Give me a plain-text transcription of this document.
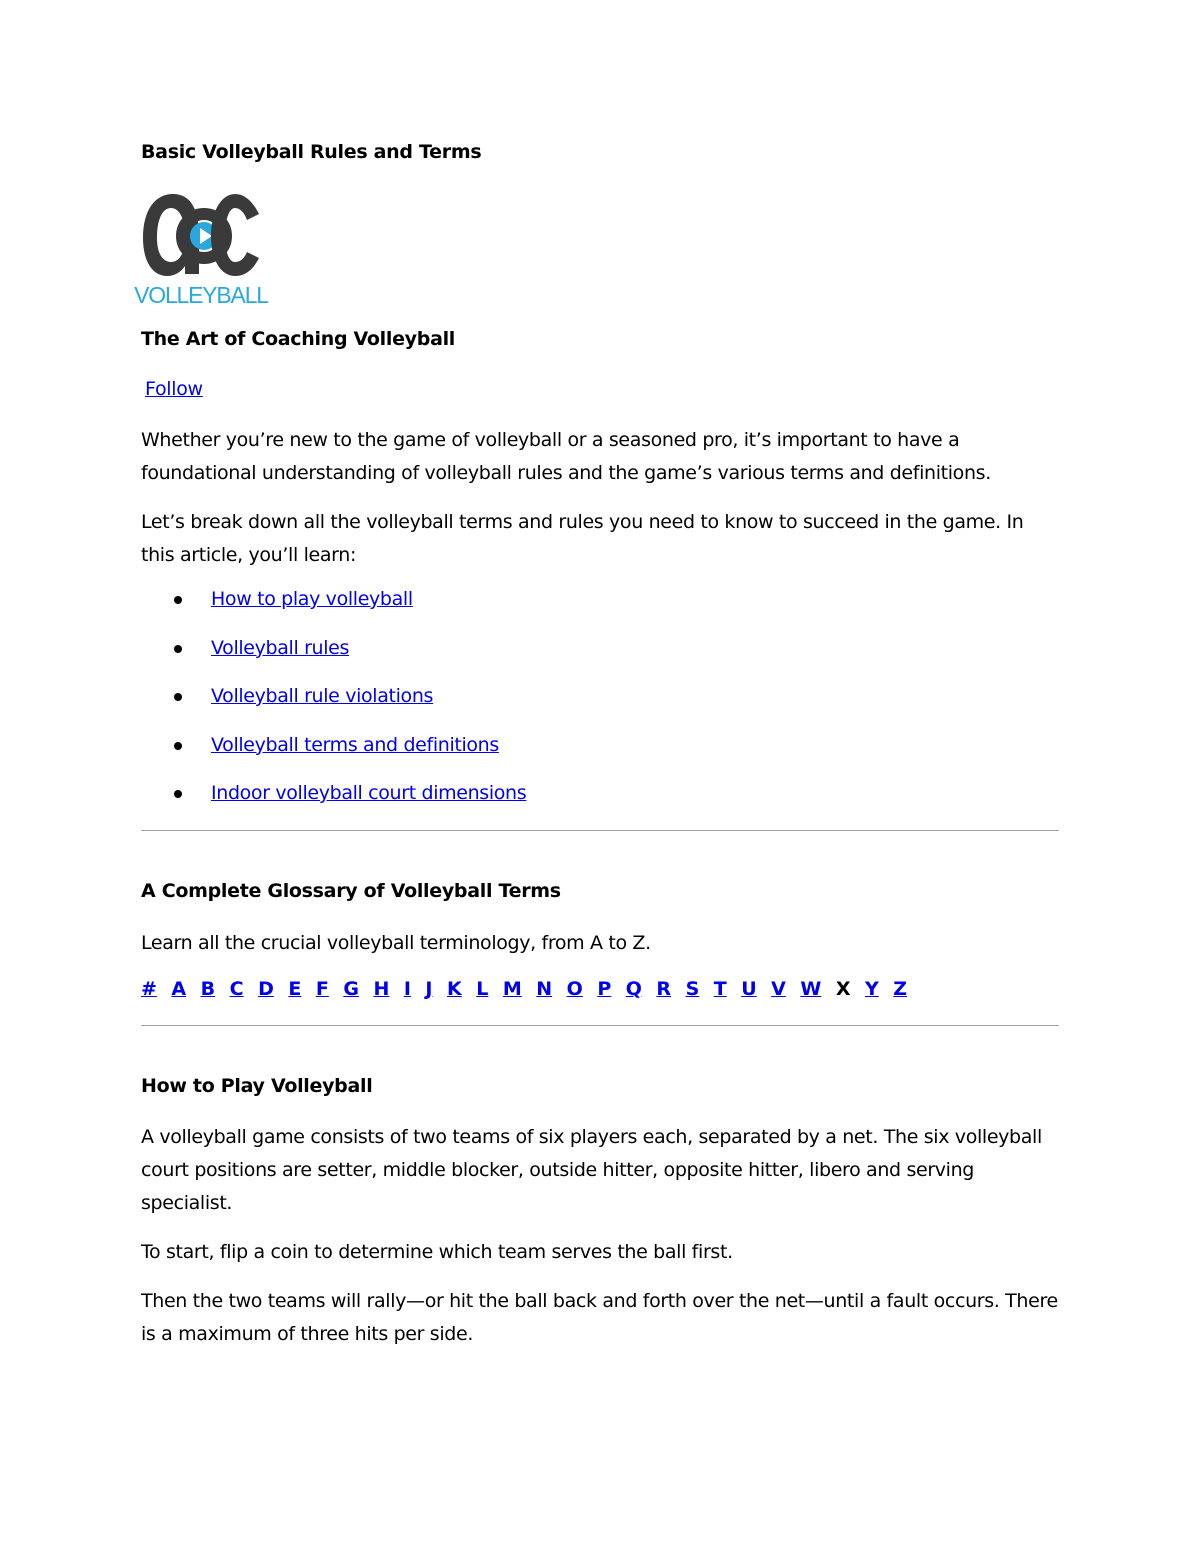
Basic Volleyball Rules and Terms
VOLLEYBALL
The Art of Coaching Volleyball
Follow

Whether you’re new to the game of volleyball or a seasoned pro, it’s important to have a foundational understanding of volleyball rules and the game’s various terms and definitions.

Let’s break down all the volleyball terms and rules you need to know to succeed in the game. In this article, you’ll learn:

How to play volleyball
Volleyball rules
Volleyball rule violations
Volleyball terms and definitions
Indoor volleyball court dimensions
A Complete Glossary of Volleyball Terms

Learn all the crucial volleyball terminology, from A to Z.

# A B C D E F G H I J K L M N O P Q R S T U V W X Y Z
How to Play Volleyball

A volleyball game consists of two teams of six players each, separated by a net. The six volleyball court positions are setter, middle blocker, outside hitter, opposite hitter, libero and serving specialist.

To start, flip a coin to determine which team serves the ball first.

Then the two teams will rally—or hit the ball back and forth over the net—until a fault occurs. There is a maximum of three hits per side.
